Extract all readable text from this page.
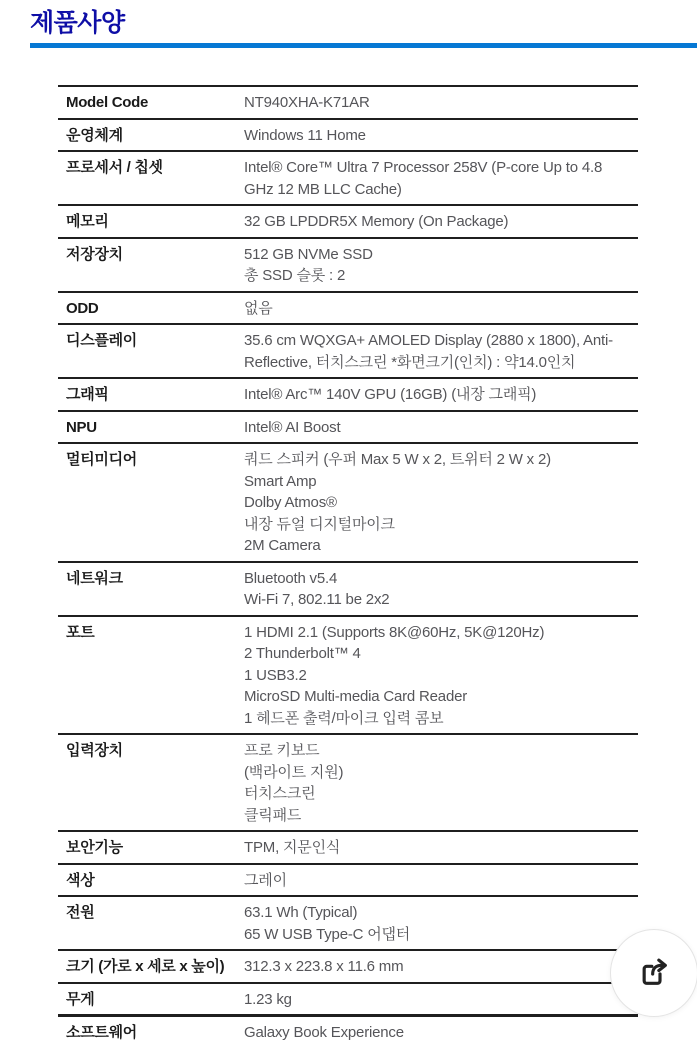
제품사양
Model Code	NT940XHA-K71AR
운영체계	Windows 11 Home
프로세서 / 칩셋	Intel® Core™ Ultra 7 Processor 258V (P-core Up to 4.8
GHz 12 MB LLC Cache)
메모리	32 GB LPDDR5X Memory (On Package)
저장장치	512 GB NVMe SSD
총 SSD 슬롯 : 2
ODD	없음
디스플레이	35.6 cm WQXGA+ AMOLED Display (2880 x 1800), Anti-
Reflective, 터치스크린 *화면크기(인치) : 약14.0인치
그래픽	Intel® Arc™ 140V GPU (16GB) (내장 그래픽)
NPU	Intel® AI Boost
멀티미디어	쿼드 스피커 (우퍼 Max 5 W x 2, 트위터 2 W x 2)
Smart Amp
Dolby Atmos®
내장 듀얼 디지털마이크
2M Camera
네트워크	Bluetooth v5.4
Wi-Fi 7, 802.11 be 2x2
포트	1 HDMI 2.1 (Supports 8K@60Hz, 5K@120Hz)
2 Thunderbolt™ 4
1 USB3.2
MicroSD Multi-media Card Reader
1 헤드폰 출력/마이크 입력 콤보
입력장치	프로 키보드
(백라이트 지원)
터치스크린
클릭패드
보안기능	TPM, 지문인식
색상	그레이
전원	63.1 Wh (Typical)
65 W USB Type-C 어댑터
크기 (가로 x 세로 x 높이)	312.3 x 223.8 x 11.6 mm
무게	1.23 kg
소프트웨어	Galaxy Book Experience
